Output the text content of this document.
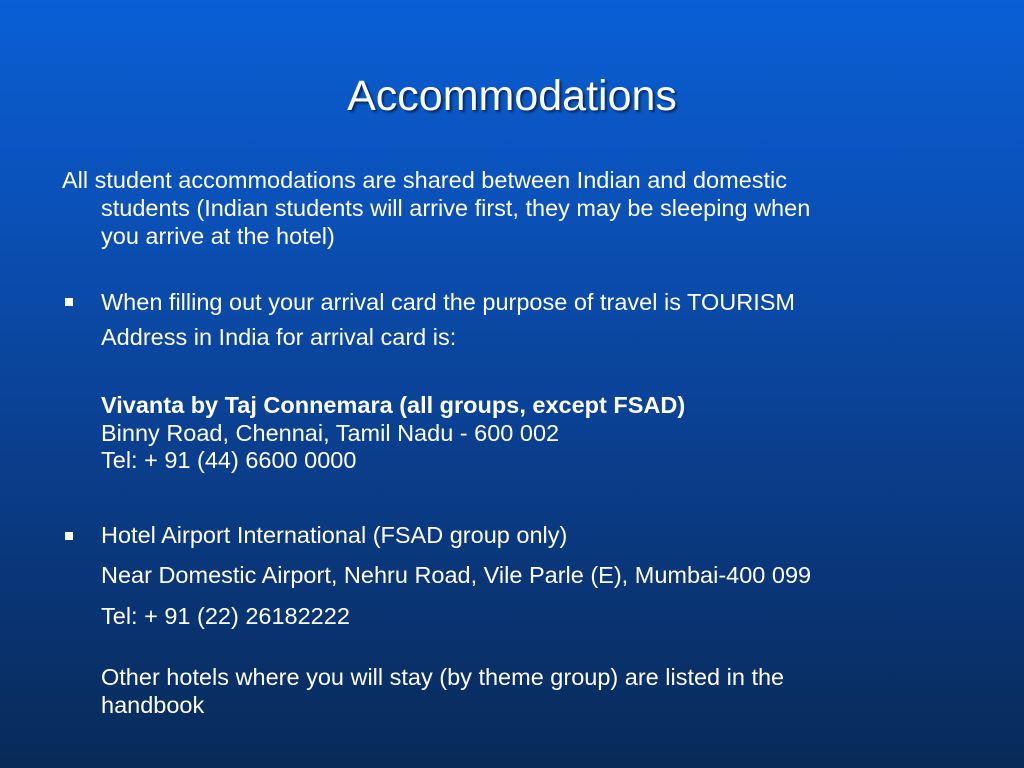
Accommodations
All student accommodations are shared between Indian and domestic
students (Indian students will arrive first, they may be sleeping when
you arrive at the hotel)
When filling out your arrival card the purpose of travel is TOURISM
Address in India for arrival card is:
Vivanta by Taj Connemara (all groups, except FSAD)
Binny Road, Chennai, Tamil Nadu - 600 002
Tel: + 91 (44) 6600 0000
Hotel Airport International (FSAD group only)
Near Domestic Airport, Nehru Road, Vile Parle (E), Mumbai-400 099
Tel: + 91 (22) 26182222
Other hotels where you will stay (by theme group) are listed in the
handbook
